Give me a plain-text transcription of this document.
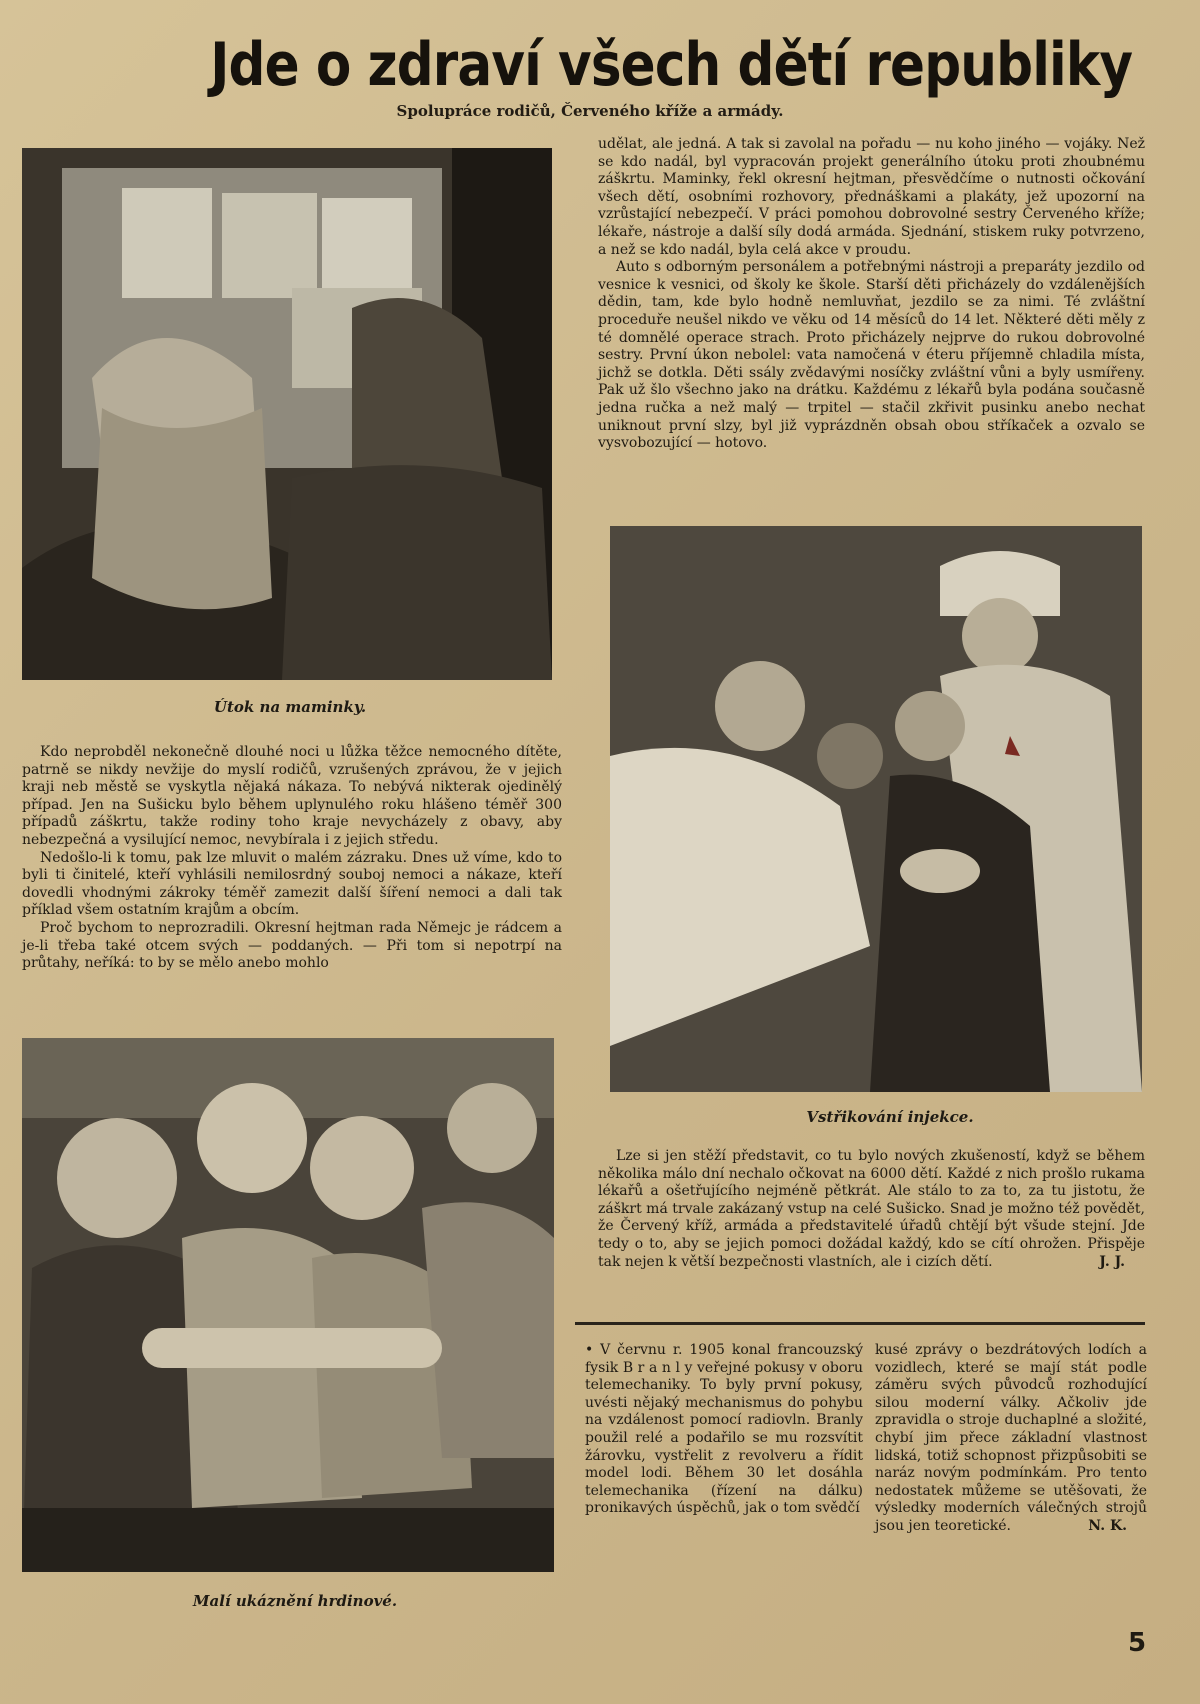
Jde o zdraví všech dětí republiky
Spolupráce rodičů, Červeného kříže a armády.
Útok na maminky.

Kdo neprobděl nekonečně dlouhé noci u lůžka těžce nemocného dítěte, patrně se nikdy nevžije do myslí rodičů, vzrušených zprávou, že v jejich kraji neb městě se vyskytla nějaká nákaza. To nebývá nikterak ojedinělý případ. Jen na Sušicku bylo během uplynulého roku hlášeno téměř 300 případů záškrtu, takže rodiny toho kraje nevycházely z obavy, aby nebezpečná a vysilující nemoc, nevybírala i z jejich středu.

Nedošlo-li k tomu, pak lze mluvit o malém zázraku. Dnes už víme, kdo to byli ti činitelé, kteří vyhlásili nemilosrdný souboj nemoci a nákaze, kteří dovedli vhodnými zákroky téměř zamezit další šíření nemoci a dali tak příklad všem ostatním krajům a obcím.

Proč bychom to neprozradili. Okresní hejtman rada Němejc je rádcem a je-li třeba také otcem svých — poddaných. — Při tom si nepotrpí na průtahy, neříká: to by se mělo anebo mohlo

Malí ukáznění hrdinové.

udělat, ale jedná. A tak si zavolal na pořadu — nu koho jiného — vojáky. Než se kdo nadál, byl vypracován projekt generálního útoku proti zhoubnému záškrtu. Maminky, řekl okresní hejtman, přesvědčíme o nutnosti očkování všech dětí, osobními rozhovory, přednáškami a plakáty, jež upozorní na vzrůstající nebezpečí. V práci pomohou dobrovolné sestry Červeného kříže; lékaře, nástroje a další síly dodá armáda. Sjednání, stiskem ruky potvrzeno, a než se kdo nadál, byla celá akce v proudu.

Auto s odborným personálem a potřebnými nástroji a preparáty jezdilo od vesnice k vesnici, od školy ke škole. Starší děti přicházely do vzdálenějších dědin, tam, kde bylo hodně nemluvňat, jezdilo se za nimi. Té zvláštní proceduře neušel nikdo ve věku od 14 měsíců do 14 let. Některé děti měly z té domnělé operace strach. Proto přicházely nejprve do rukou dobrovolné sestry. První úkon nebolel: vata namočená v éteru příjemně chladila místa, jichž se dotkla. Děti ssály zvědavými nosíčky zvláštní vůni a byly usmířeny. Pak už šlo všechno jako na drátku. Každému z lékařů byla podána současně jedna ručka a než malý — trpitel — stačil zkřivit pusinku anebo nechat uniknout první slzy, byl již vyprázdněn obsah obou stříkaček a ozvalo se vysvobozující — hotovo.

Vstřikování injekce.

Lze si jen stěží představit, co tu bylo nových zkušeností, když se během několika málo dní nechalo očkovat na 6000 dětí. Každé z nich prošlo rukama lékařů a ošetřujícího nejméně pětkrát. Ale stálo to za to, za tu jistotu, že záškrt má trvale zakázaný vstup na celé Sušicko. Snad je možno též povědět, že Červený kříž, armáda a představitelé úřadů chtějí být všude stejní. Jde tedy o to, aby se jejich pomoci dožádal každý, kdo se cítí ohrožen. Přispěje tak nejen k větší bezpečnosti vlastních, ale i cizích dětí.	J. J.

• V červnu r. 1905 konal francouzský fysik B r a n l y veřejné pokusy v oboru telemechaniky. To byly první pokusy, uvésti nějaký mechanismus do pohybu na vzdálenost pomocí radiovln. Branly použil relé a podařilo se mu rozsvítit žárovku, vystřelit z revolveru a řídit model lodi. Během 30 let dosáhla telemechanika (řízení na dálku) pronikavých úspěchů, jak o tom svědčí

kusé zprávy o bezdrátových lodích a vozidlech, které se mají stát podle záměru svých původců rozhodující silou moderní války. Ačkoliv jde zpravidla o stroje duchaplné a složité, chybí jim přece základní vlastnost lidská, totiž schopnost přizpůsobiti se naráz novým podmínkám. Pro tento nedostatek můžeme se utěšovati, že výsledky moderních válečných strojů jsou jen teoretické.	N. K.
5
